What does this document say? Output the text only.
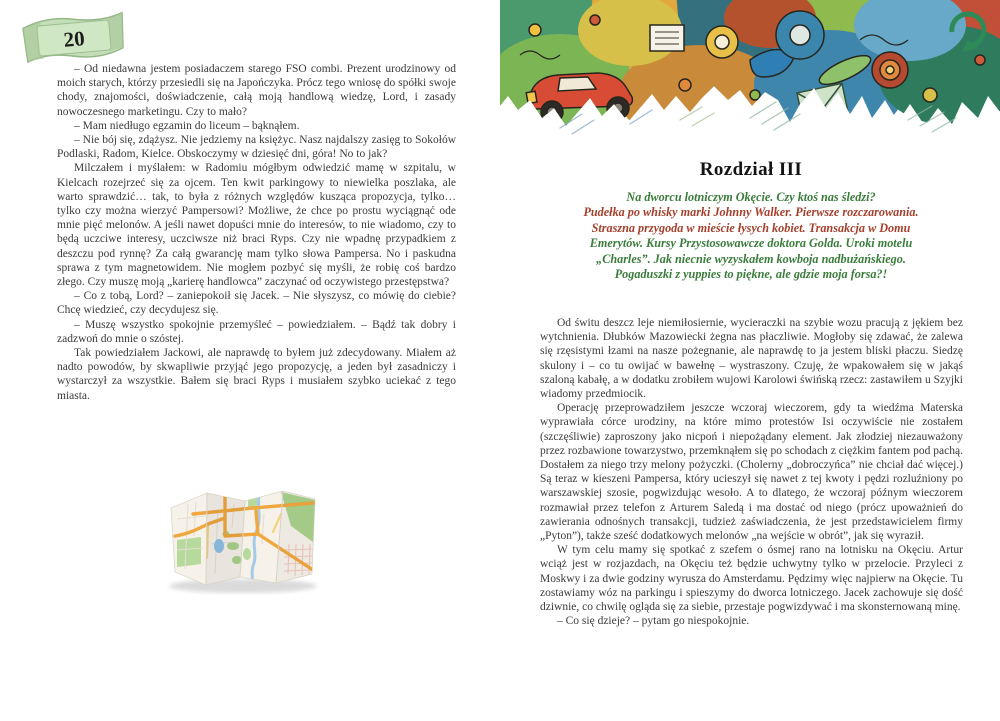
20

– Od niedawna jestem posiadaczem starego FSO combi. Prezent urodzinowy od moich starych, którzy przesiedli się na Japończyka. Prócz tego wniosę do spółki swoje chody, znajomości, doświadczenie, całą moją handlową wiedzę, Lord, i zasady nowoczesnego marketingu. Czy to mało?

– Mam niedługo egzamin do liceum – bąknąłem.

– Nie bój się, zdążysz. Nie jedziemy na księżyc. Nasz najdalszy zasięg to Sokołów Podlaski, Radom, Kielce. Obskoczymy w dziesięć dni, góra! No to jak?

Milczałem i myślałem: w Radomiu mógłbym odwiedzić mamę w szpitalu, w Kielcach rozejrzeć się za ojcem. Ten kwit parkingowy to niewielka poszlaka, ale warto sprawdzić… tak, to była z różnych względów kusząca propozycja, tylko… tylko czy można wierzyć Pampersowi? Możliwe, że chce po prostu wyciągnąć ode mnie pięć melonów. A jeśli nawet dopuści mnie do interesów, to nie wiadomo, czy to będą uczciwe interesy, uczciwsze niż braci Ryps. Czy nie wpadnę przypadkiem z deszczu pod rynnę? Za całą gwarancję mam tylko słowa Pampersa. No i paskudna sprawa z tym magnetowidem. Nie mogłem pozbyć się myśli, że robię coś bardzo złego. Czy muszę moją „karierę handlowca” zaczynać od oczywistego przestępstwa?

– Co z tobą, Lord? – zaniepokoił się Jacek. – Nie słyszysz, co mówię do ciebie? Chcę wiedzieć, czy decydujesz się.

– Muszę wszystko spokojnie przemyśleć – powiedziałem. – Bądź tak dobry i zadzwoń do mnie o szóstej.

Tak powiedziałem Jackowi, ale naprawdę to byłem już zdecydowany. Miałem aż nadto powodów, by skwapliwie przyjąć jego propozycję, a jeden był zasadniczy i wystarczył za wszystkie. Bałem się braci Ryps i musiałem szybko uciekać z tego miasta.

Rozdział III
Na dworcu lotniczym Okęcie. Czy ktoś nas śledzi?
Pudełka po whisky marki Johnny Walker. Pierwsze rozczarowania.
Straszna przygoda w mieście łysych kobiet. Transakcja w Domu
Emerytów. Kursy Przystosowawcze doktora Golda. Uroki motelu
„Charles”. Jak niecnie wyzyskałem kowboja nadbużańskiego.
Pogaduszki z yuppies to piękne, ale gdzie moja forsa?!

Od świtu deszcz leje niemiłosiernie, wycieraczki na szybie wozu pracują z jękiem bez wytchnienia. Dłubków Mazowiecki żegna nas płaczliwie. Mogłoby się zdawać, że zalewa się rzęsistymi łzami na nasze pożegnanie, ale naprawdę to ja jestem bliski płaczu. Siedzę skulony i – co tu owijać w bawełnę – wystraszony. Czuję, że wpakowałem się w jakąś szaloną kabałę, a w dodatku zrobiłem wujowi Karolowi świńską rzecz: zastawiłem u Szyjki wiadomy przedmiocik.

Operację przeprowadziłem jeszcze wczoraj wieczorem, gdy ta wiedźma Materska wyprawiała córce urodziny, na które mimo protestów Isi oczywiście nie zostałem (szczęśliwie) zaproszony jako nicpoń i niepożądany element. Jak złodziej niezauważony przez rozbawione towarzystwo, przemknąłem się po schodach z ciężkim fantem pod pachą. Dostałem za niego trzy melony pożyczki. (Cholerny „dobroczyńca” nie chciał dać więcej.) Są teraz w kieszeni Pampersa, który ucieszył się nawet z tej kwoty i pędzi rozluźniony po warszawskiej szosie, pogwizdując wesoło. A to dlatego, że wczoraj późnym wieczorem rozmawiał przez telefon z Arturem Saledą i ma dostać od niego (prócz upoważnień do zawierania odnośnych transakcji, tudzież zaświadczenia, że jest przedstawicielem firmy „Pyton”), także sześć dodatkowych melonów „na wejście w obrót”, jak się wyraził.

W tym celu mamy się spotkać z szefem o ósmej rano na lotnisku na Okęciu. Artur wciąż jest w rozjazdach, na Okęciu też będzie uchwytny tylko w przelocie. Przyleci z Moskwy i za dwie godziny wyrusza do Amsterdamu. Pędzimy więc najpierw na Okęcie. Tu zostawiamy wóz na parkingu i spieszymy do dworca lotniczego. Jacek zachowuje się dość dziwnie, co chwilę ogląda się za siebie, przestaje pogwizdywać i ma skonsternowaną minę.

– Co się dzieje? – pytam go niespokojnie.
